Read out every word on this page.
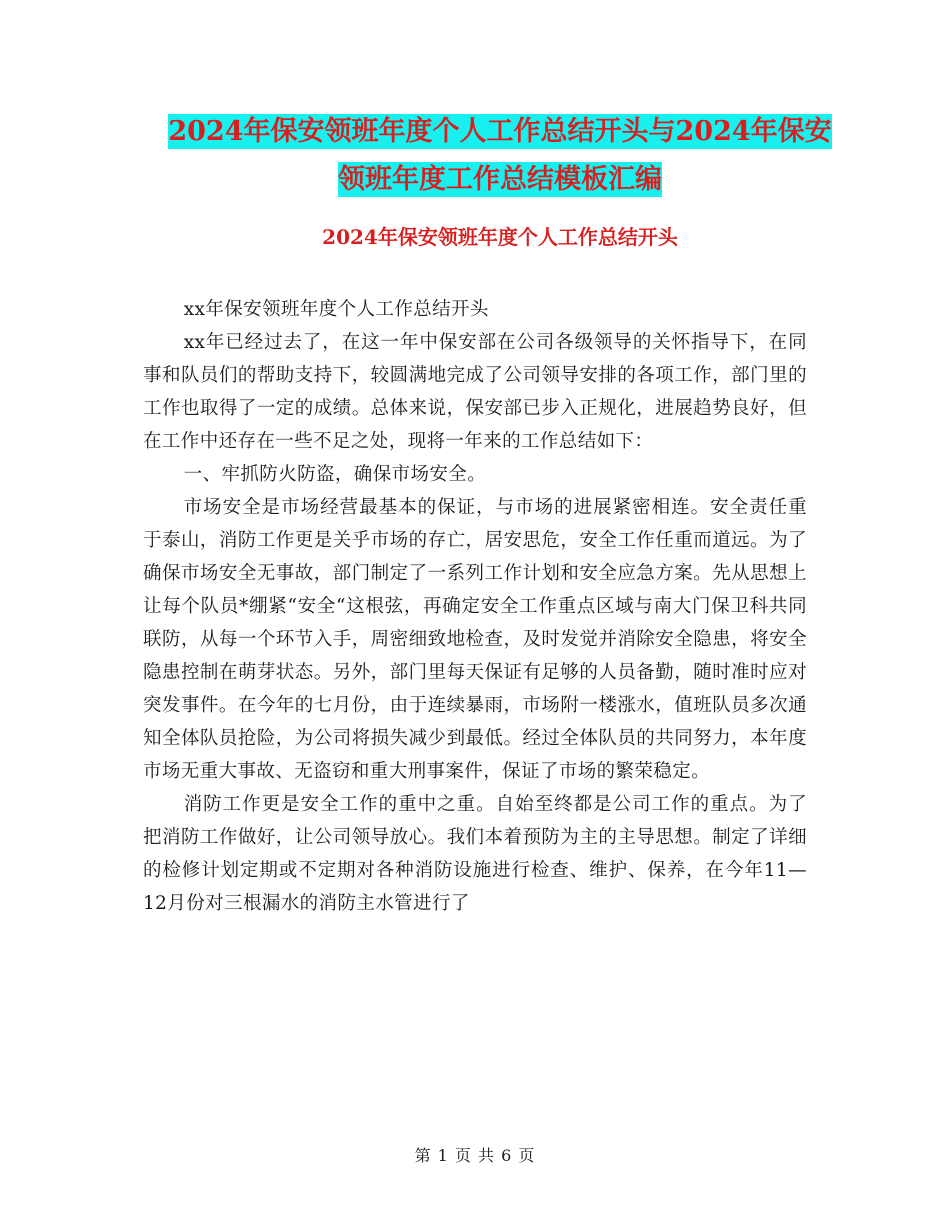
2024年保安领班年度个人工作总结开头与2024年保安
领班年度工作总结模板汇编
2024年保安领班年度个人工作总结开头

xx年保安领班年度个人工作总结开头

xx年已经过去了，在这一年中保安部在公司各级领导的关怀指导下，在同事和队员们的帮助支持下，较圆满地完成了公司领导安排的各项工作，部门里的工作也取得了一定的成绩。总体来说，保安部已步入正规化，进展趋势良好，但在工作中还存在一些不足之处，现将一年来的工作总结如下：

一、牢抓防火防盗，确保市场安全。

市场安全是市场经营最基本的保证，与市场的进展紧密相连。安全责任重于泰山，消防工作更是关乎市场的存亡，居安思危，安全工作任重而道远。为了确保市场安全无事故，部门制定了一系列工作计划和安全应急方案。先从思想上让每个队员*绷紧“安全“这根弦，再确定安全工作重点区域与南大门保卫科共同联防，从每一个环节入手，周密细致地检查，及时发觉并消除安全隐患，将安全隐患控制在萌芽状态。另外，部门里每天保证有足够的人员备勤，随时准时应对突发事件。在今年的七月份，由于连续暴雨，市场附一楼涨水，值班队员多次通知全体队员抢险，为公司将损失减少到最低。经过全体队员的共同努力，本年度市场无重大事故、无盗窃和重大刑事案件，保证了市场的繁荣稳定。

消防工作更是安全工作的重中之重。自始至终都是公司工作的重点。为了把消防工作做好，让公司领导放心。我们本着预防为主的主导思想。制定了详细的检修计划定期或不定期对各种消防设施进行检查、维护、保养，在今年11—12月份对三根漏水的消防主水管进行了

第 1 页 共 6 页
